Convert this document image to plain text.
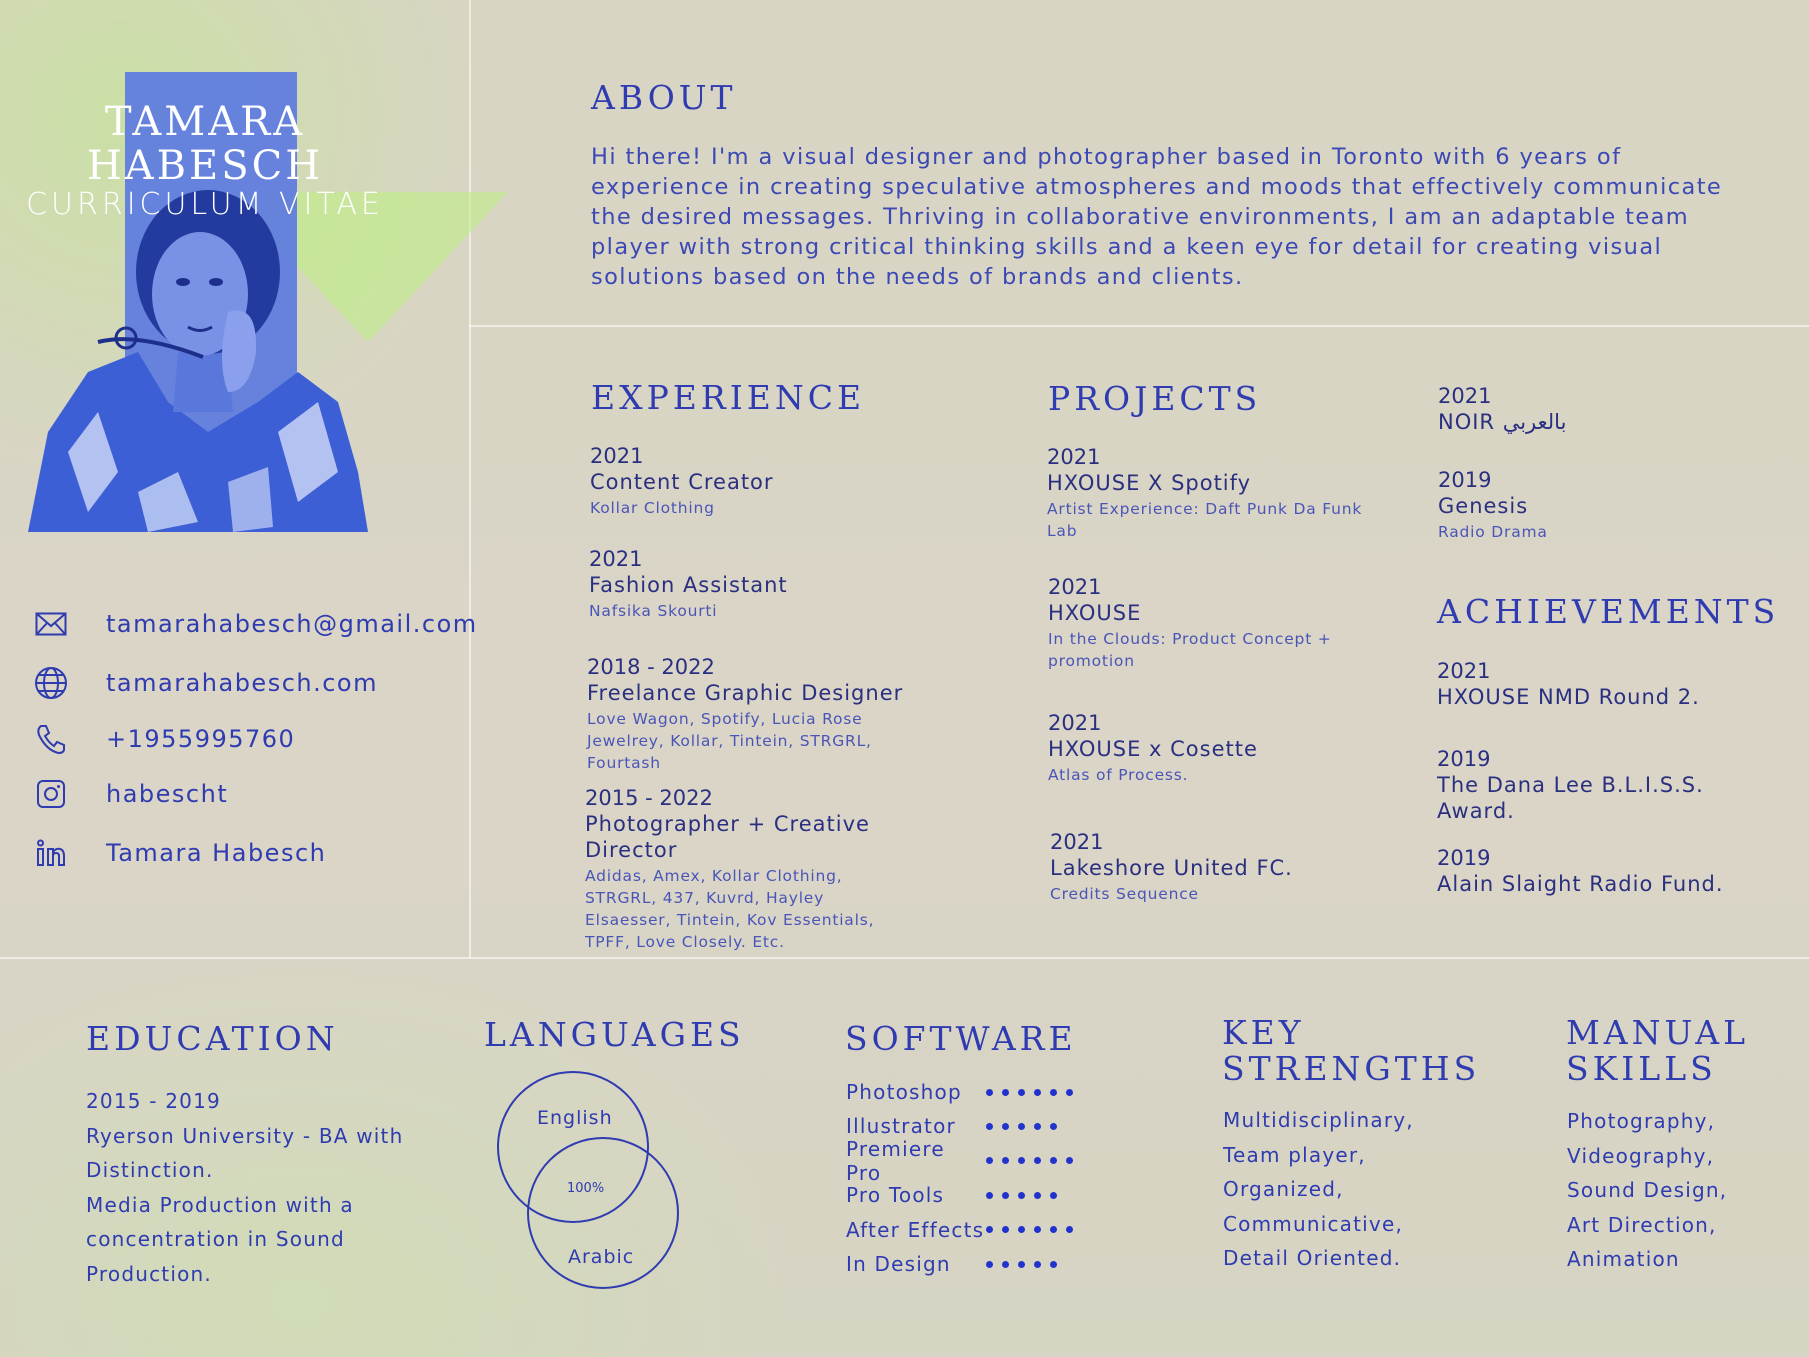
TAMARA HABESCH
CURRICULUM VITAE
tamarahabesch@gmail.com
tamarahabesch.com
+1955995760
habescht
Tamara Habesch
ABOUT

Hi there! I'm a visual designer and photographer based in Toronto with 6 years of experience in creating speculative atmospheres and moods that effectively communicate the desired messages. Thriving in collaborative environments, I am an adaptable team player with strong critical thinking skills and a keen eye for detail for creating visual solutions based on the needs of brands and clients.

EXPERIENCE
2021
Content Creator
Kollar Clothing
2021
Fashion Assistant
Nafsika Skourti
2018 - 2022
Freelance Graphic Designer
Love Wagon, Spotify, Lucia Rose Jewelrey, Kollar, Tintein, STRGRL, Fourtash
2015 - 2022
Photographer + Creative Director
Adidas, Amex, Kollar Clothing, STRGRL, 437, Kuvrd, Hayley Elsaesser, Tintein, Kov Essentials, TPFF, Love Closely. Etc.
PROJECTS
2021
HXOUSE X Spotify
Artist Experience: Daft Punk Da Funk Lab
2021
HXOUSE
In the Clouds: Product Concept + promotion
2021
HXOUSE x Cosette
Atlas of Process.
2021
Lakeshore United FC.
Credits Sequence
2021
NOIR بالعربي
2019
Genesis
Radio Drama
ACHIEVEMENTS
2021
HXOUSE NMD Round 2.
2019
The Dana Lee B.L.I.S.S. Award.
2019
Alain Slaight Radio Fund.
EDUCATION
2015 - 2019
Ryerson University - BA with
Distinction.
Media Production with a
concentration in Sound
Production.
LANGUAGES
English
100%
Arabic
SOFTWARE
Photoshop
Illustrator
Premiere Pro
Pro Tools
After Effects
In Design
KEY
STRENGTHS
Multidisciplinary,
Team player,
Organized,
Communicative,
Detail Oriented.
MANUAL
SKILLS
Photography,
Videography,
Sound Design,
Art Direction,
Animation
